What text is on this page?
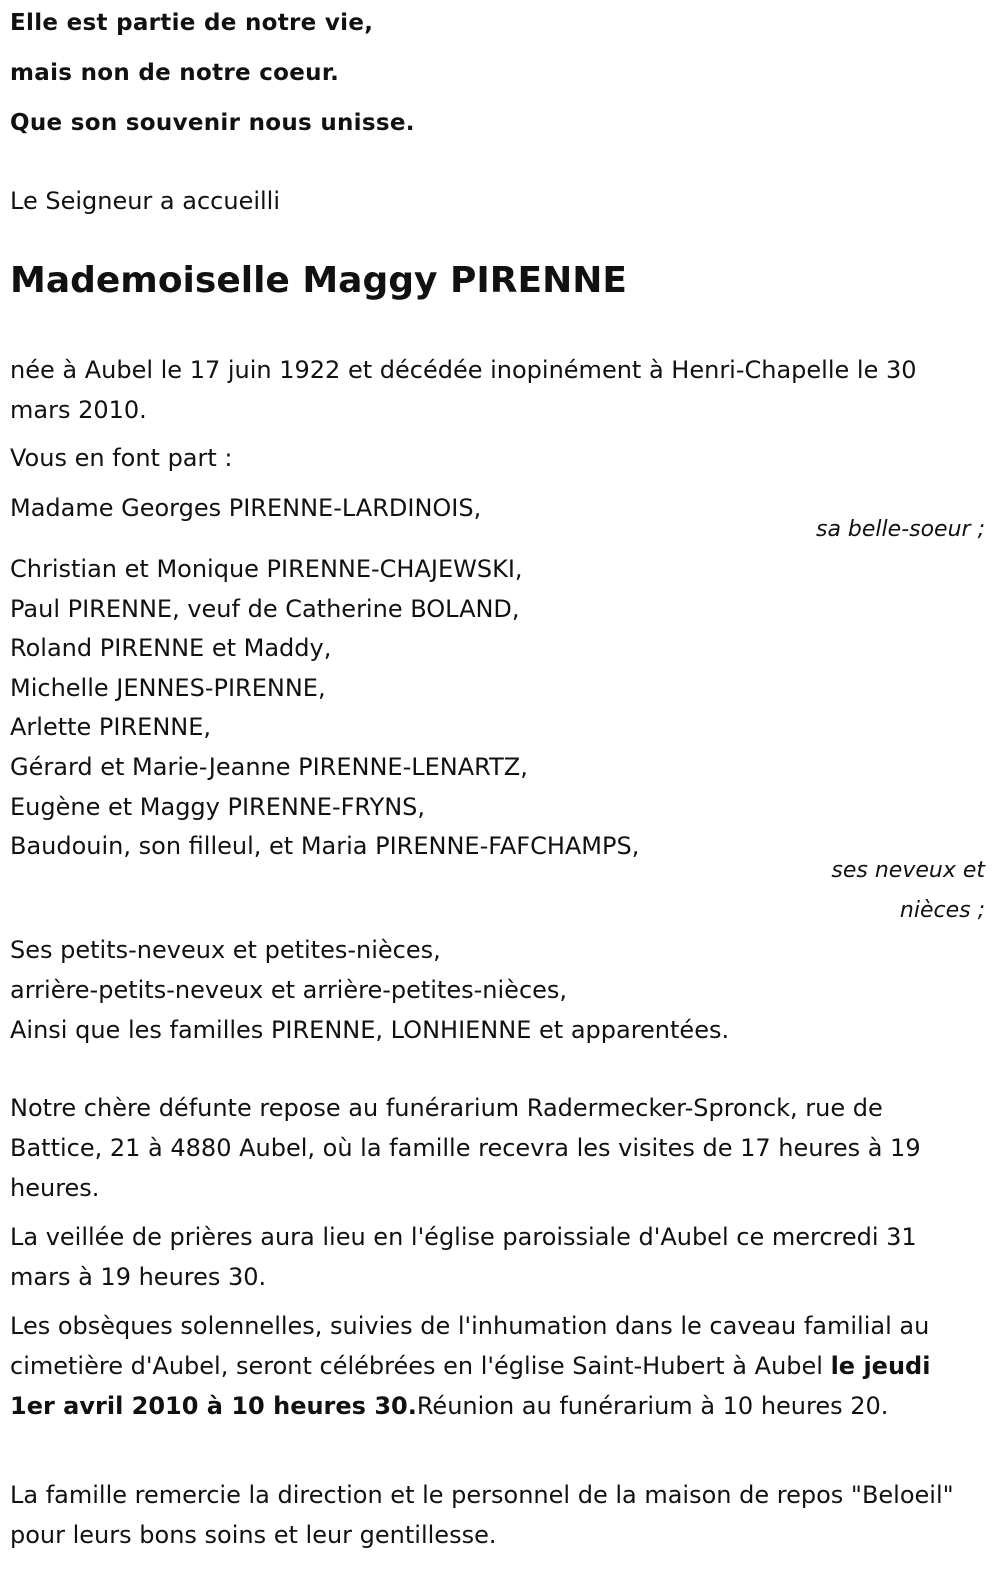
Elle est partie de notre vie,
mais non de notre coeur.
Que son souvenir nous unisse.
Le Seigneur a accueilli
Mademoiselle Maggy PIRENNE
née à Aubel le 17 juin 1922 et décédée inopinément à Henri-Chapelle le 30 mars 2010.
Vous en font part :
Madame Georges PIRENNE-LARDINOIS,
sa belle-soeur ;
Christian et Monique PIRENNE-CHAJEWSKI,
Paul PIRENNE, veuf de Catherine BOLAND,
Roland PIRENNE et Maddy,
Michelle JENNES-PIRENNE,
Arlette PIRENNE,
Gérard et Marie-Jeanne PIRENNE-LENARTZ,
Eugène et Maggy PIRENNE-FRYNS,
Baudouin, son filleul, et Maria PIRENNE-FAFCHAMPS,
ses neveux et nièces ;
Ses petits-neveux et petites-nièces,
arrière-petits-neveux et arrière-petites-nièces,
Ainsi que les familles PIRENNE, LONHIENNE et apparentées.
Notre chère défunte repose au funérarium Radermecker-Spronck, rue de Battice, 21 à 4880 Aubel, où la famille recevra les visites de 17 heures à 19 heures.
La veillée de prières aura lieu en l'église paroissiale d'Aubel ce mercredi 31 mars à 19 heures 30.
Les obsèques solennelles, suivies de l'inhumation dans le caveau familial au cimetière d'Aubel, seront célébrées en l'église Saint-Hubert à Aubel le jeudi 1er avril 2010 à 10 heures 30.Réunion au funérarium à 10 heures 20.
La famille remercie la direction et le personnel de la maison de repos "Beloeil" pour leurs bons soins et leur gentillesse.
